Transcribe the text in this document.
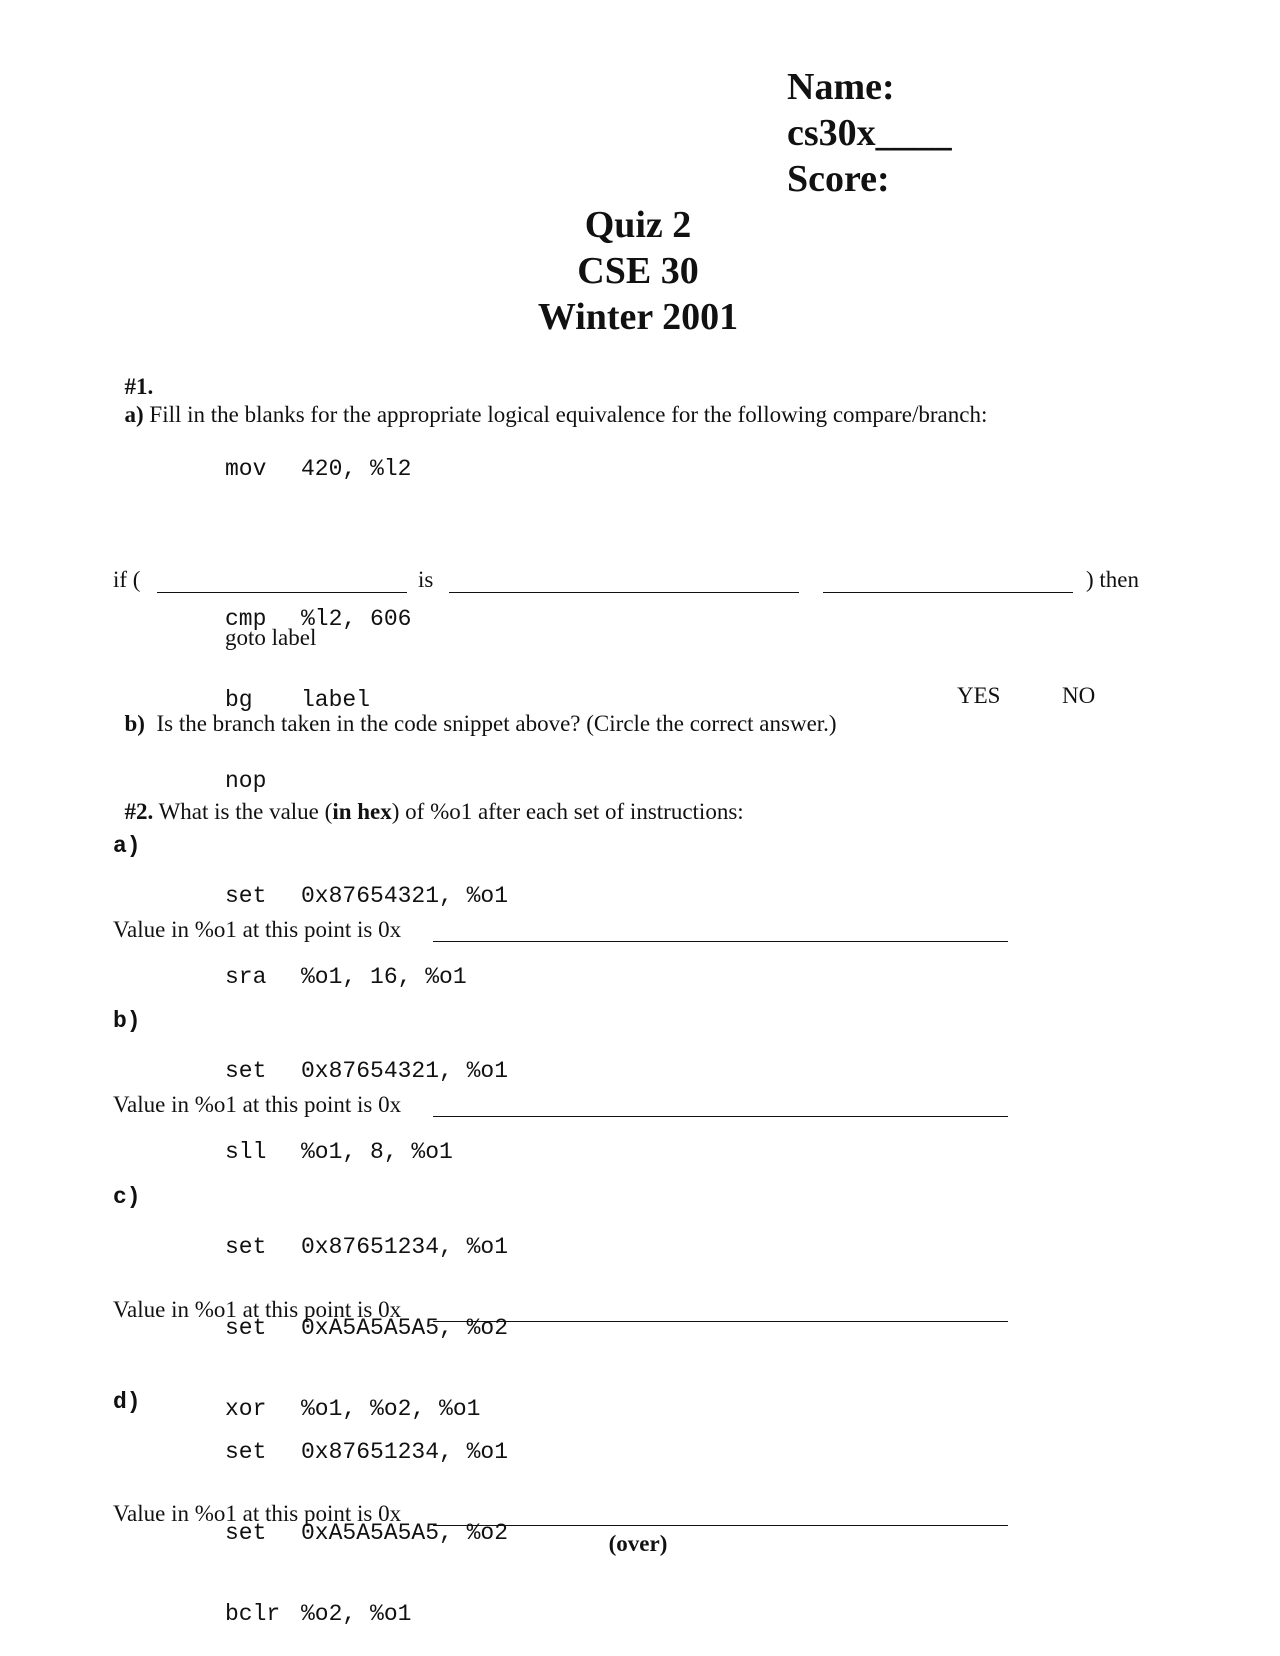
Name:
cs30x____
Score:
Quiz 2
CSE 30
Winter 2001

#1.
a) Fill in the blanks for the appropriate logical equivalence for the following compare/branch:

mov 420, %l2

cmp %l2, 606

bg label

nop

if (	is	) then
goto label

b) Is the branch taken in the code snippet above? (Circle the correct answer.)

YES	NO

#2. What is the value (in hex) of %o1 after each set of instructions:

a)

set 0x87654321, %o1

sra %o1, 16, %o1

Value in %o1 at this point is 0x
b)

set 0x87654321, %o1

sll %o1, 8, %o1

Value in %o1 at this point is 0x
c)

set 0x87651234, %o1

set 0xA5A5A5A5, %o2

xor %o1, %o2, %o1

Value in %o1 at this point is 0x
d)

set 0x87651234, %o1

set 0xA5A5A5A5, %o2

bclr %o2, %o1

Value in %o1 at this point is 0x
(over)
